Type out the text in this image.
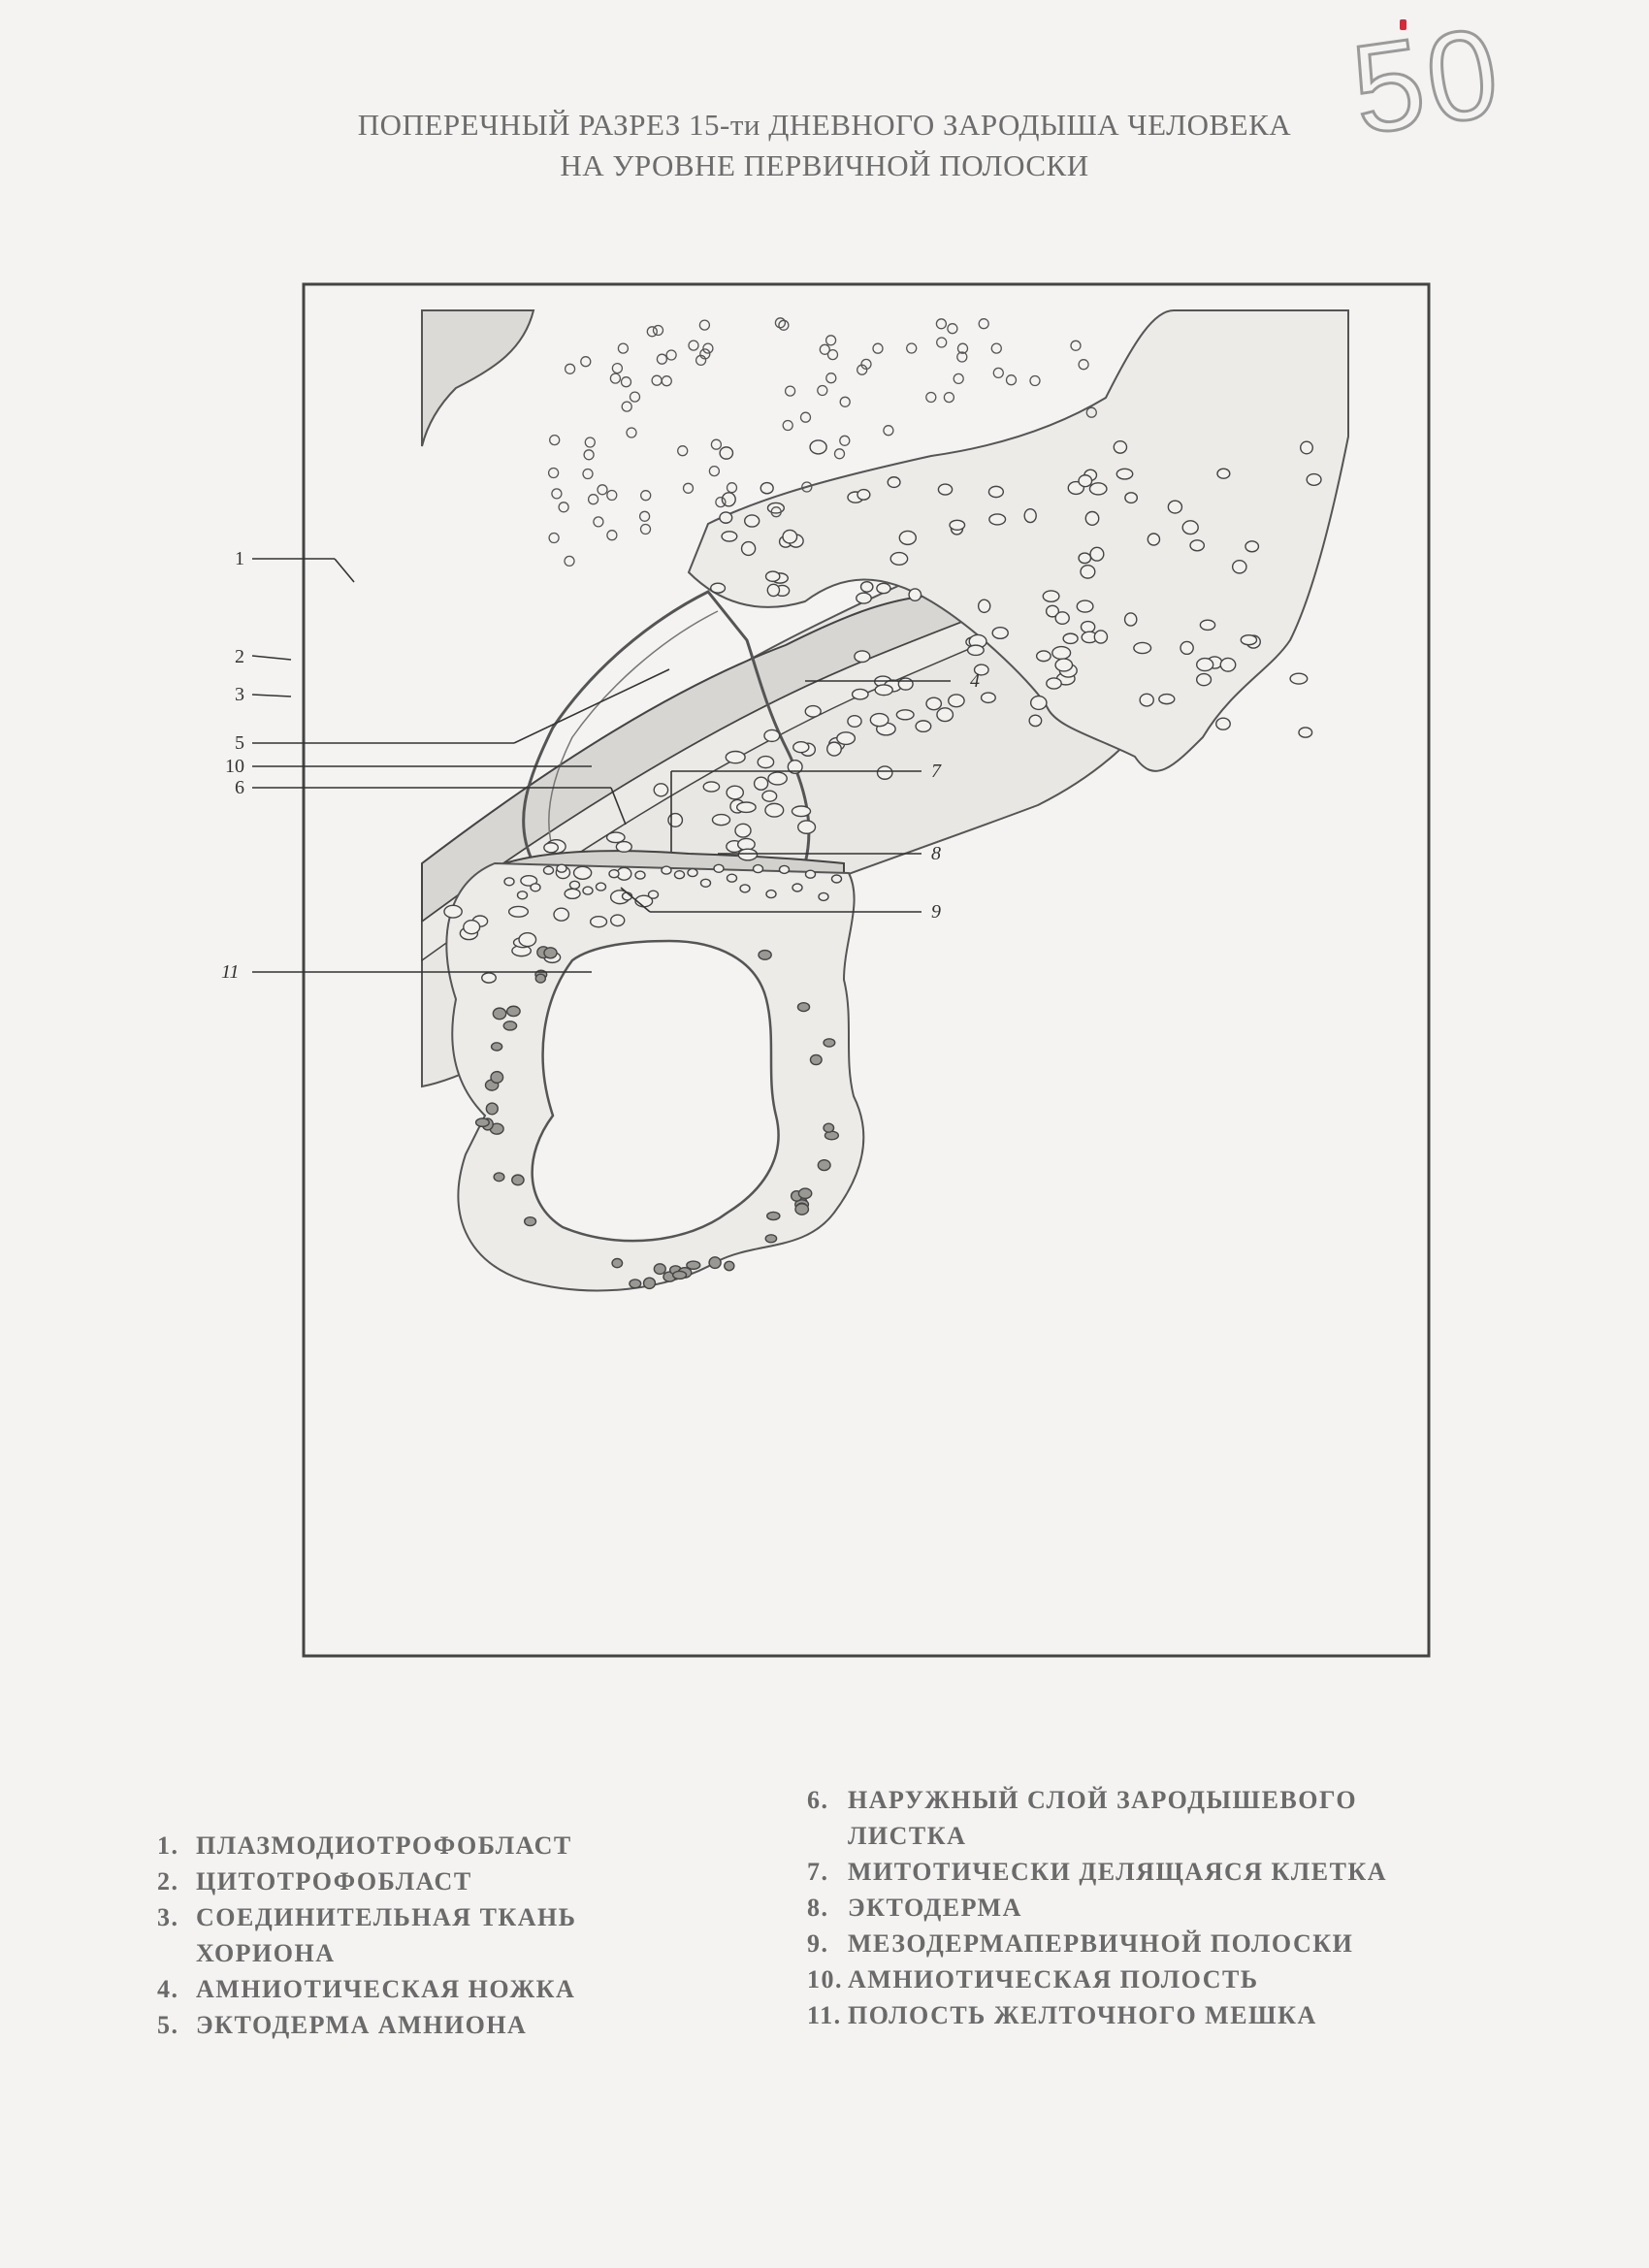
50
ПОПЕРЕЧНЫЙ РАЗРЕЗ 15-ти ДНЕВНОГО ЗАРОДЫША ЧЕЛОВЕКА
НА УРОВНЕ ПЕРВИЧНОЙ ПОЛОСКИ
1
2
3
4
5
10
6
7
8
9
11
1. ПЛАЗМОДИОТРОФОБЛАСТ
2. ЦИТОТРОФОБЛАСТ
3. СОЕДИНИТЕЛЬНАЯ ТКАНЬ
ХОРИОНА
4. АМНИОТИЧЕСКАЯ НОЖКА
5. ЭКТОДЕРМА АМНИОНА
6. НАРУЖНЫЙ СЛОЙ ЗАРОДЫШЕВОГО
ЛИСТКА
7. МИТОТИЧЕСКИ ДЕЛЯЩАЯСЯ КЛЕТКА
8. ЭКТОДЕРМА
9. МЕЗОДЕРМАПЕРВИЧНОЙ ПОЛОСКИ
10. АМНИОТИЧЕСКАЯ ПОЛОСТЬ
11. ПОЛОСТЬ ЖЕЛТОЧНОГО МЕШКА
